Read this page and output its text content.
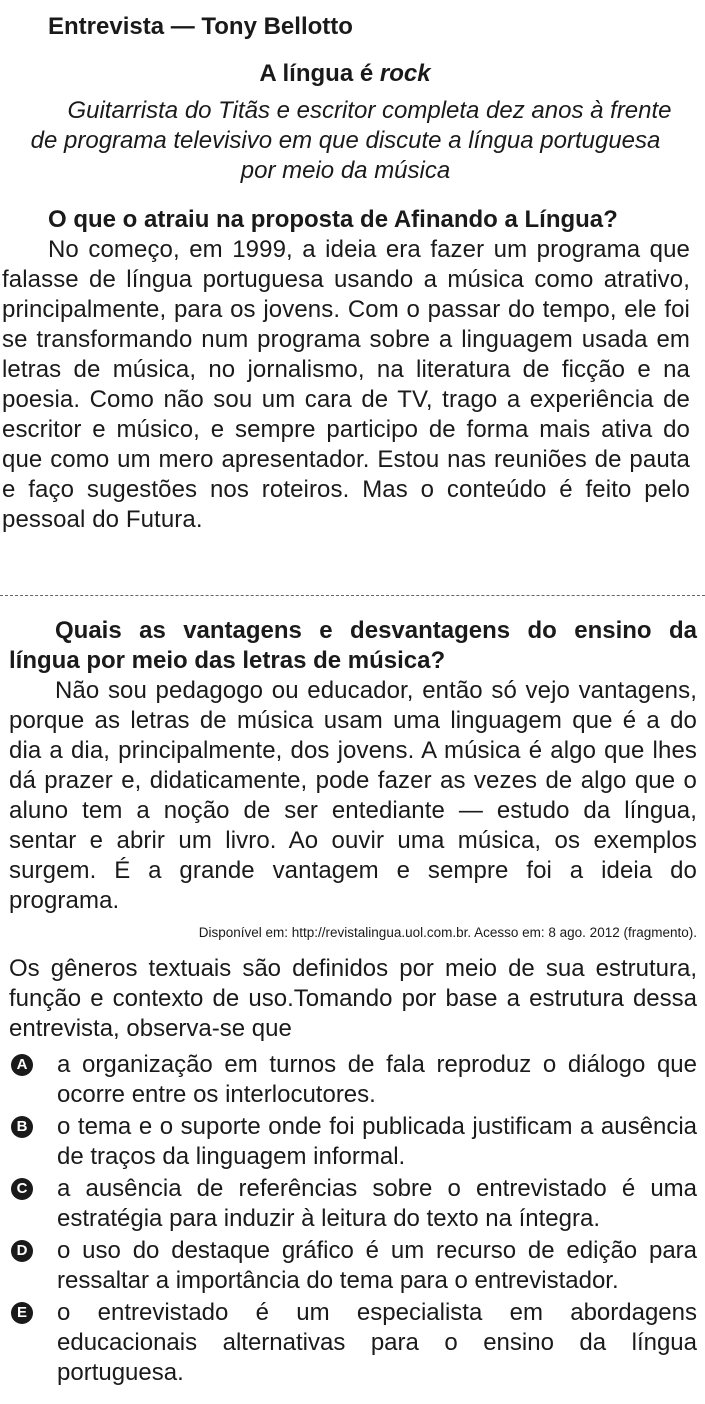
Entrevista — Tony Bellotto
A língua é rock
Guitarrista do Titãs e escritor completa dez anos à frente de programa televisivo em que discute a língua portuguesa por meio da música

O que o atraiu na proposta de Afinando a Língua?

No começo, em 1999, a ideia era fazer um programa que falasse de língua portuguesa usando a música como atrativo, principalmente, para os jovens. Com o passar do tempo, ele foi se transformando num programa sobre a linguagem usada em letras de música, no jornalismo, na literatura de ficção e na poesia. Como não sou um cara de TV, trago a experiência de escritor e músico, e sempre participo de forma mais ativa do que como um mero apresentador. Estou nas reuniões de pauta e faço sugestões nos roteiros. Mas o conteúdo é feito pelo pessoal do Futura.

Quais as vantagens e desvantagens do ensino da língua por meio das letras de música?

Não sou pedagogo ou educador, então só vejo vantagens, porque as letras de música usam uma linguagem que é a do dia a dia, principalmente, dos jovens. A música é algo que lhes dá prazer e, didaticamente, pode fazer as vezes de algo que o aluno tem a noção de ser entediante — estudo da língua, sentar e abrir um livro. Ao ouvir uma música, os exemplos surgem. É a grande vantagem e sempre foi a ideia do programa.

Disponível em: http://revistalingua.uol.com.br. Acesso em: 8 ago. 2012 (fragmento).

Os gêneros textuais são definidos por meio de sua estrutura, função e contexto de uso.Tomando por base a estrutura dessa entrevista, observa-se que

A a organização em turnos de fala reproduz o diálogo que ocorre entre os interlocutores.
B o tema e o suporte onde foi publicada justificam a ausência de traços da linguagem informal.
C a ausência de referências sobre o entrevistado é uma estratégia para induzir à leitura do texto na íntegra.
D o uso do destaque gráfico é um recurso de edição para ressaltar a importância do tema para o entrevistador.
E o entrevistado é um especialista em abordagens educacionais alternativas para o ensino da língua portuguesa.
